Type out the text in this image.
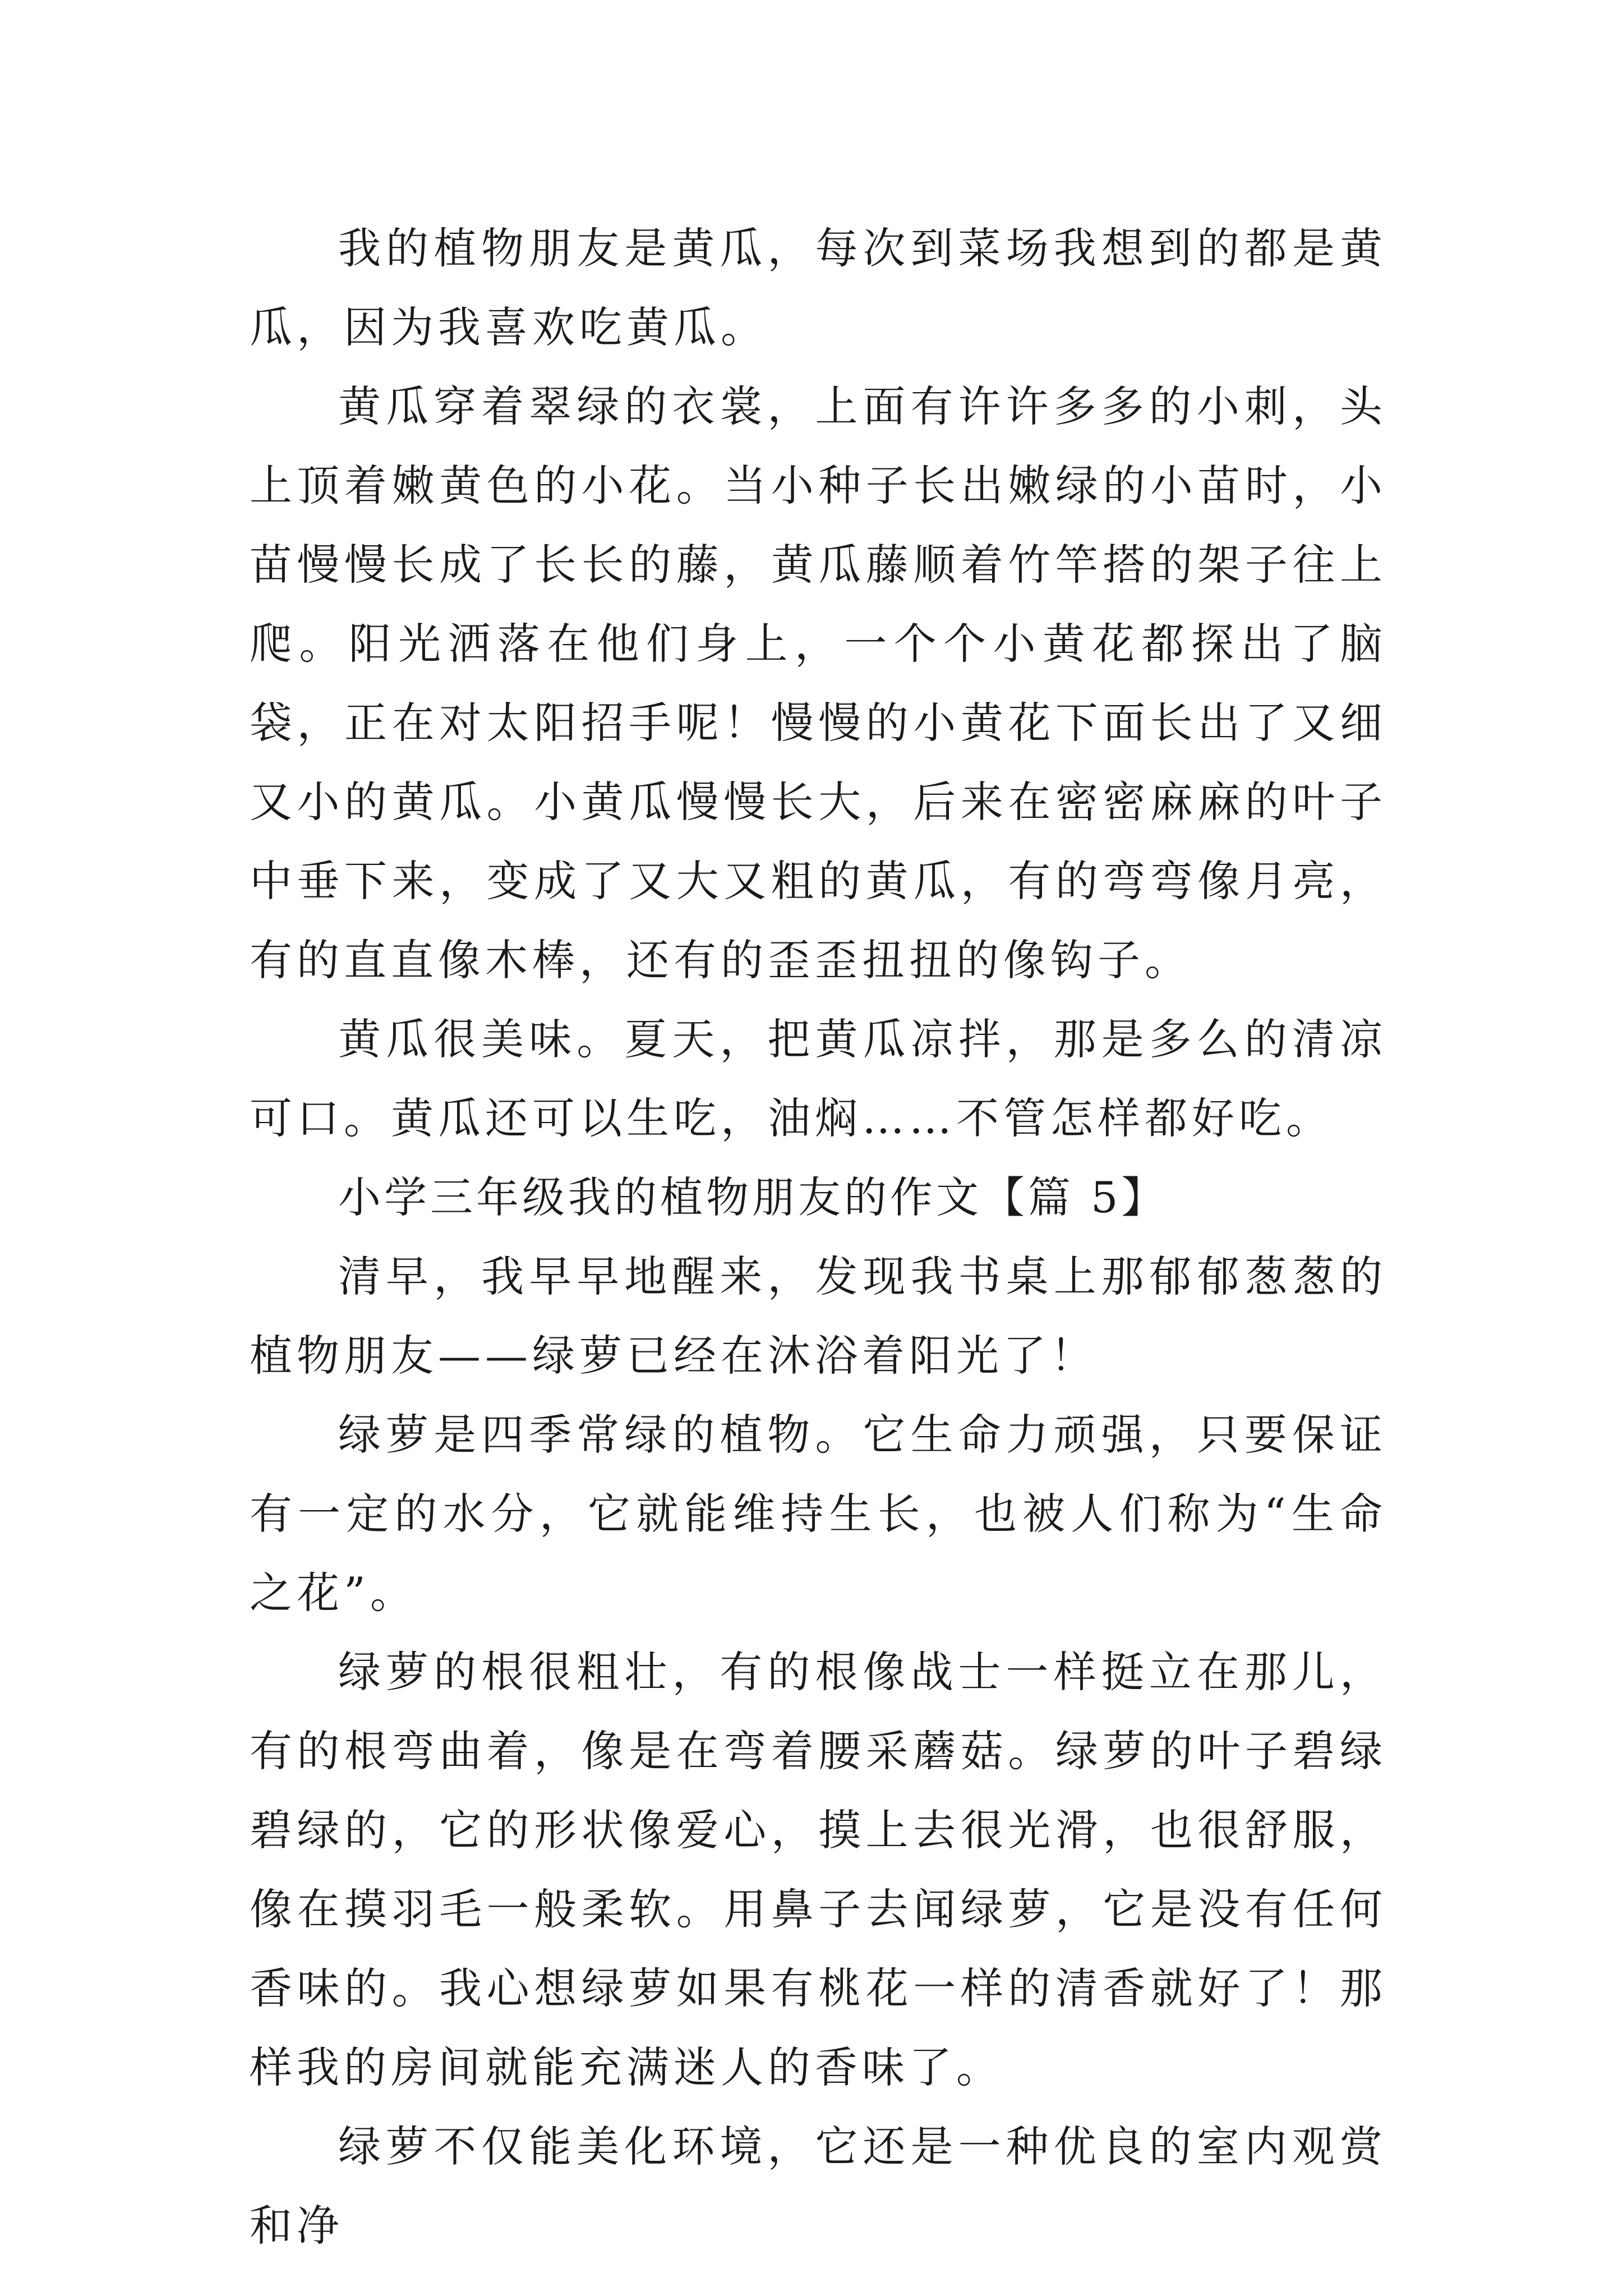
我的植物朋友是黄瓜，每次到菜场我想到的都是黄瓜，因为我喜欢吃黄瓜。

黄瓜穿着翠绿的衣裳，上面有许许多多的小刺，头上顶着嫩黄色的小花。当小种子长出嫩绿的小苗时，小苗慢慢长成了长长的藤，黄瓜藤顺着竹竿搭的架子往上爬。阳光洒落在他们身上，一个个小黄花都探出了脑袋，正在对太阳招手呢！慢慢的小黄花下面长出了又细又小的黄瓜。小黄瓜慢慢长大，后来在密密麻麻的叶子中垂下来，变成了又大又粗的黄瓜，有的弯弯像月亮，有的直直像木棒，还有的歪歪扭扭的像钩子。

黄瓜很美味。夏天，把黄瓜凉拌，那是多么的清凉可口。黄瓜还可以生吃，油焖……不管怎样都好吃。

小学三年级我的植物朋友的作文【篇 5】

清早，我早早地醒来，发现我书桌上那郁郁葱葱的植物朋友——绿萝已经在沐浴着阳光了！

绿萝是四季常绿的植物。它生命力顽强，只要保证有一定的水分，它就能维持生长，也被人们称为“生命之花”。

绿萝的根很粗壮，有的根像战士一样挺立在那儿，有的根弯曲着，像是在弯着腰采蘑菇。绿萝的叶子碧绿碧绿的，它的形状像爱心，摸上去很光滑，也很舒服，像在摸羽毛一般柔软。用鼻子去闻绿萝，它是没有任何香味的。我心想绿萝如果有桃花一样的清香就好了！那样我的房间就能充满迷人的香味了。

绿萝不仅能美化环境，它还是一种优良的室内观赏和净
